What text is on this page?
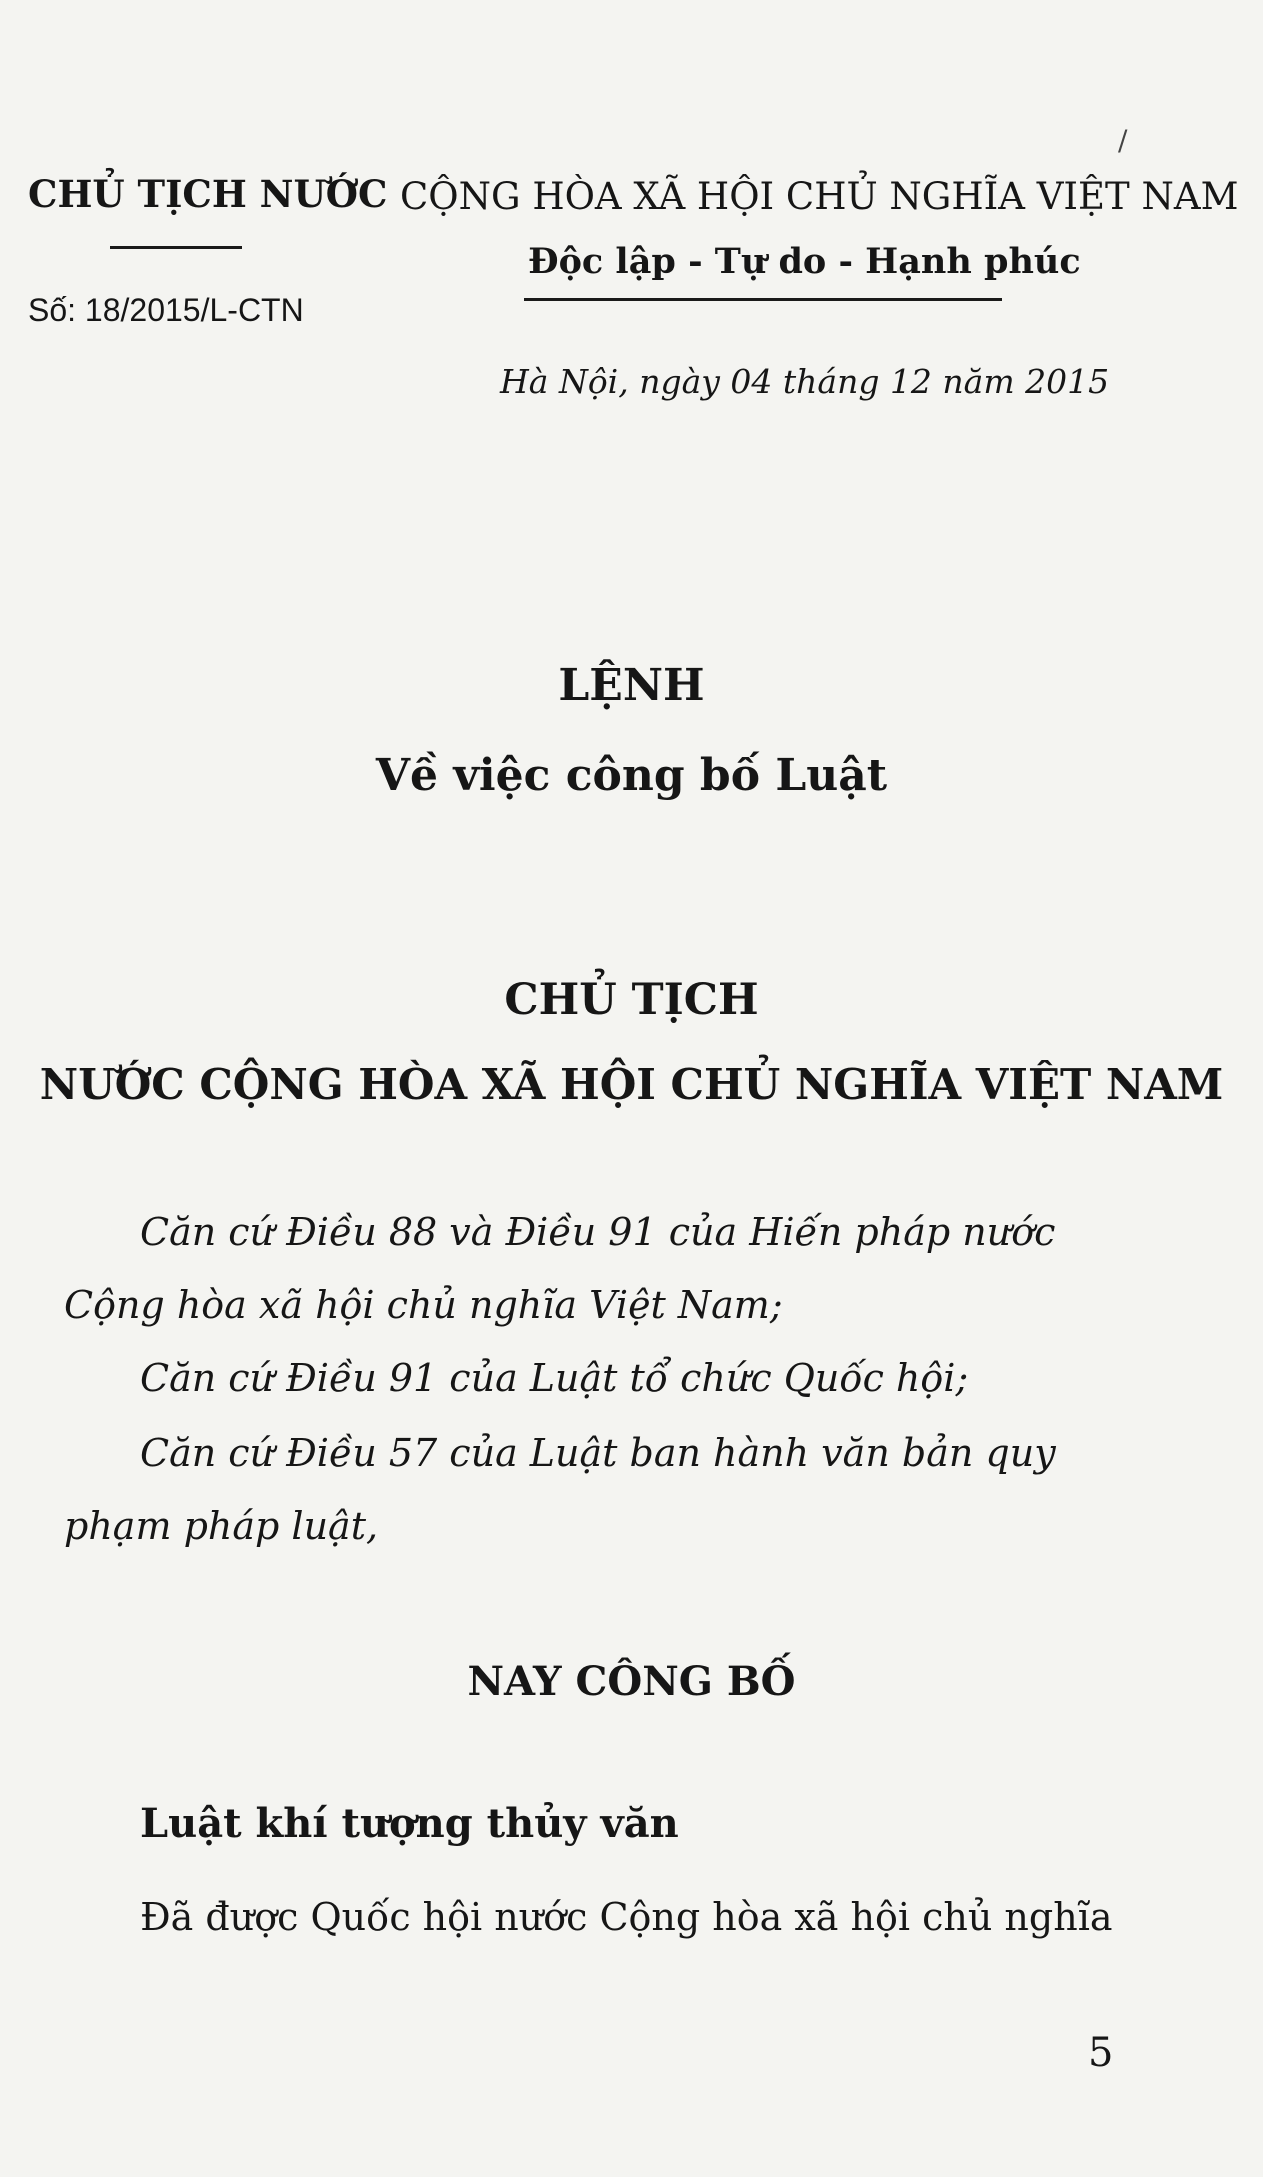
/
CHỦ TỊCH NƯỚC
Số: 18/2015/L-CTN
CỘNG HÒA XÃ HỘI CHỦ NGHĨA VIỆT NAM
Độc lập - Tự do - Hạnh phúc
Hà Nội, ngày 04 tháng 12 năm 2015
LỆNH
Về việc công bố Luật
CHỦ TỊCH
NƯỚC CỘNG HÒA XÃ HỘI CHỦ NGHĨA VIỆT NAM
Căn cứ Điều 88 và Điều 91 của Hiến pháp nước
Cộng hòa xã hội chủ nghĩa Việt Nam;
Căn cứ Điều 91 của Luật tổ chức Quốc hội;
Căn cứ Điều 57 của Luật ban hành văn bản quy
phạm pháp luật,
NAY CÔNG BỐ
Luật khí tượng thủy văn
Đã được Quốc hội nước Cộng hòa xã hội chủ nghĩa
5
